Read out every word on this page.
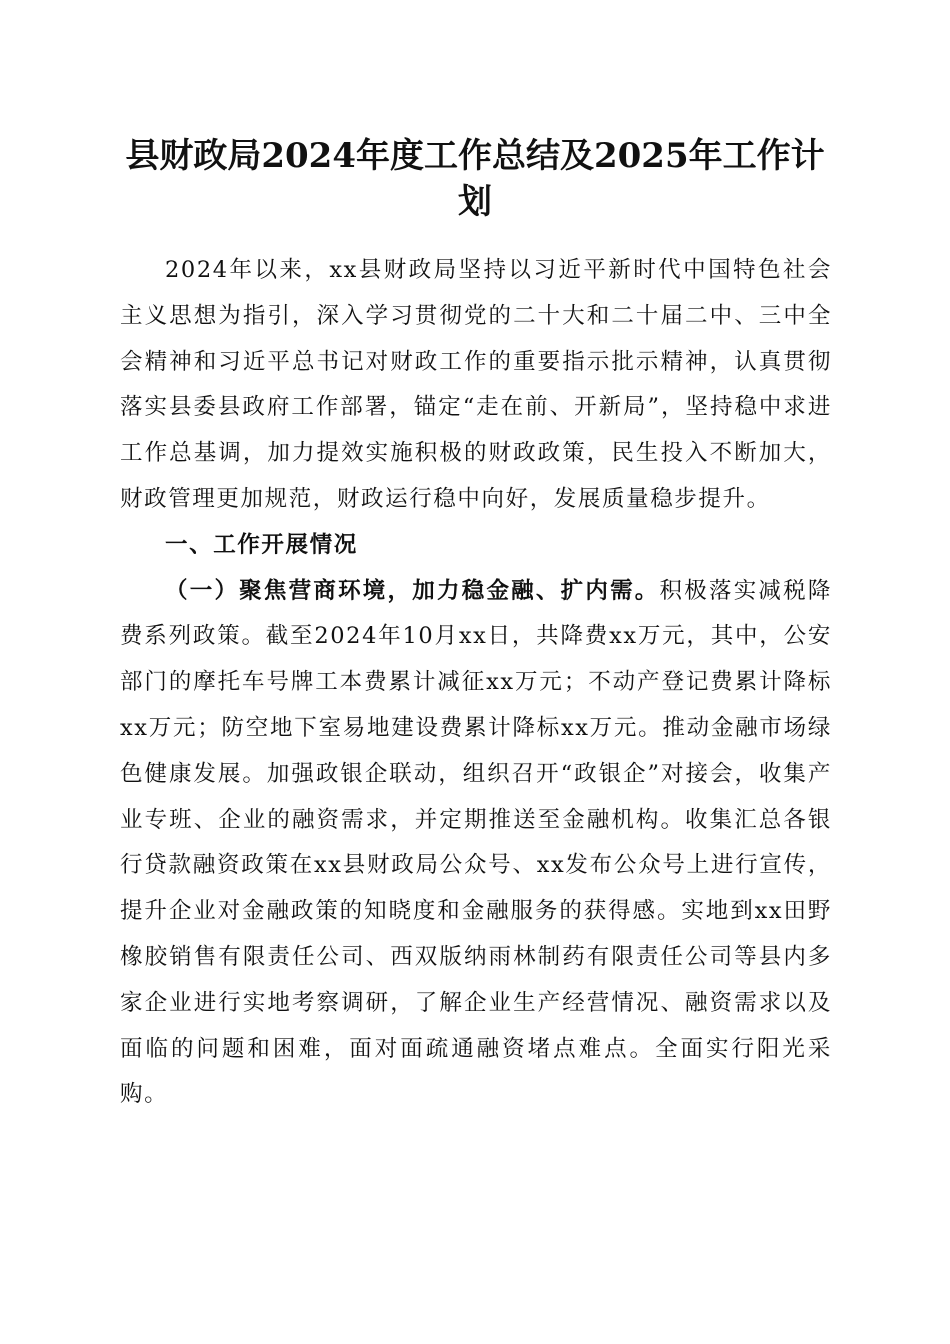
县财政局2024年度工作总结及2025年工作计划

2024年以来，xx县财政局坚持以习近平新时代中国特色社会主义思想为指引，深入学习贯彻党的二十大和二十届二中、三中全会精神和习近平总书记对财政工作的重要指示批示精神，认真贯彻落实县委县政府工作部署，锚定“走在前、开新局”，坚持稳中求进工作总基调，加力提效实施积极的财政政策，民生投入不断加大，财政管理更加规范，财政运行稳中向好，发展质量稳步提升。

一、工作开展情况

（一）聚焦营商环境，加力稳金融、扩内需。积极落实减税降费系列政策。截至2024年10月xx日，共降费xx万元，其中，公安部门的摩托车号牌工本费累计减征xx万元；不动产登记费累计降标xx万元；防空地下室易地建设费累计降标xx万元。推动金融市场绿色健康发展。加强政银企联动，组织召开“政银企”对接会，收集产业专班、企业的融资需求，并定期推送至金融机构。收集汇总各银行贷款融资政策在xx县财政局公众号、xx发布公众号上进行宣传，提升企业对金融政策的知晓度和金融服务的获得感。实地到xx田野橡胶销售有限责任公司、西双版纳雨林制药有限责任公司等县内多家企业进行实地考察调研，了解企业生产经营情况、融资需求以及面临的问题和困难，面对面疏通融资堵点难点。全面实行阳光采购。
